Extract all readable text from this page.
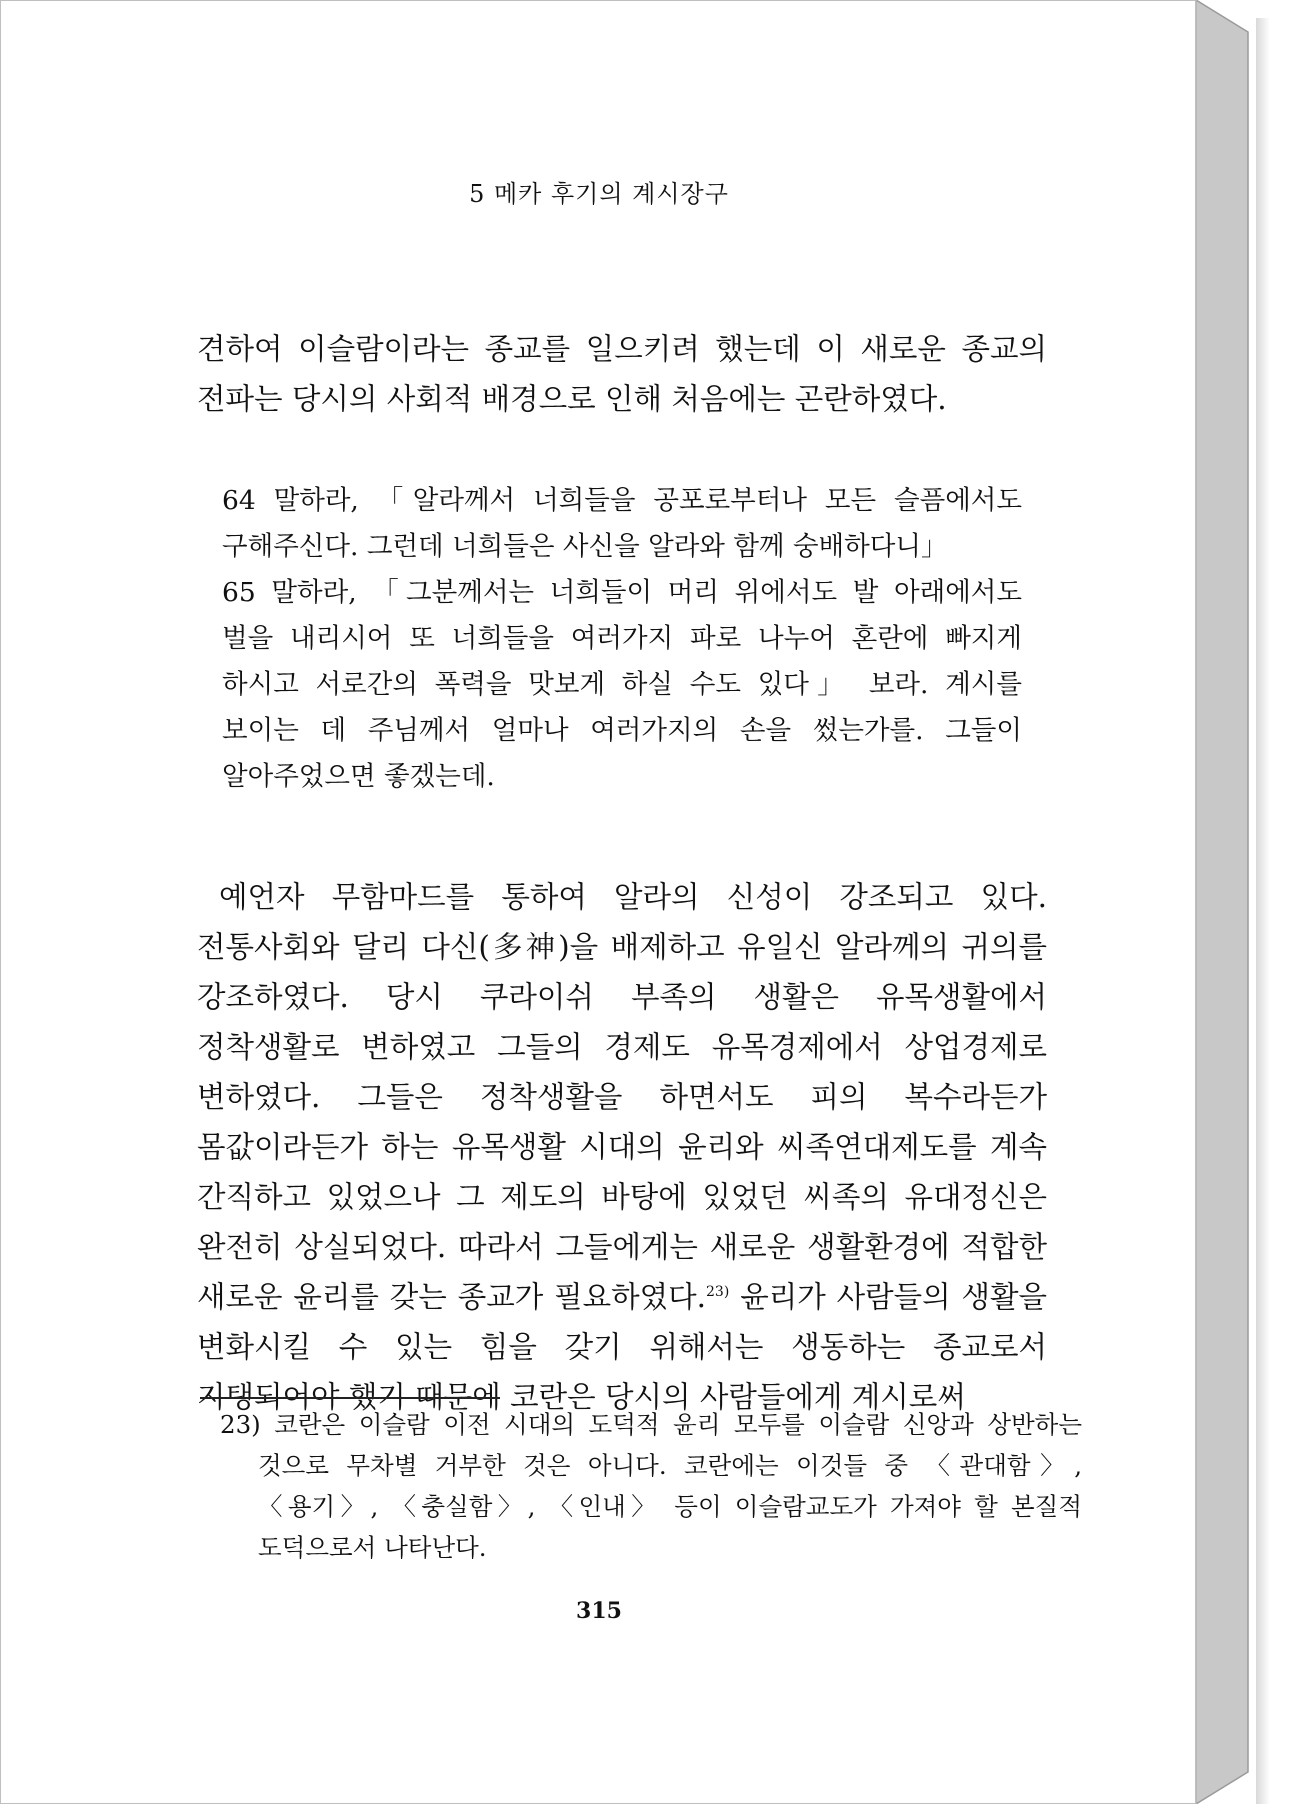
5 메카 후기의 계시장구

견하여 이슬람이라는 종교를 일으키려 했는데 이 새로운 종교의 전파는 당시의 사회적 배경으로 인해 처음에는 곤란하였다.

64 말하라, 「알라께서 너희들을 공포로부터나 모든 슬픔에서도 구해주신다. 그런데 너희들은 사신을 알라와 함께 숭배하다니」

65 말하라, 「그분께서는 너희들이 머리 위에서도 발 아래에서도 벌을 내리시어 또 너희들을 여러가지 파로 나누어 혼란에 빠지게 하시고 서로간의 폭력을 맛보게 하실 수도 있다」 보라. 계시를 보이는 데 주님께서 얼마나 여러가지의 손을 썼는가를. 그들이 알아주었으면 좋겠는데.

예언자 무함마드를 통하여 알라의 신성이 강조되고 있다. 전통사회와 달리 다신(多神)을 배제하고 유일신 알라께의 귀의를 강조하였다. 당시 쿠라이쉬 부족의 생활은 유목생활에서 정착생활로 변하였고 그들의 경제도 유목경제에서 상업경제로 변하였다. 그들은 정착생활을 하면서도 피의 복수라든가 몸값이라든가 하는 유목생활 시대의 윤리와 씨족연대제도를 계속 간직하고 있었으나 그 제도의 바탕에 있었던 씨족의 유대정신은 완전히 상실되었다. 따라서 그들에게는 새로운 생활환경에 적합한 새로운 윤리를 갖는 종교가 필요하였다.$^{23)}$ 윤리가 사람들의 생활을 변화시킬 수 있는 힘을 갖기 위해서는 생동하는 종교로서 지탱되어야 했기 때문에 코란은 당시의 사람들에게 계시로써

23) 코란은 이슬람 이전 시대의 도덕적 윤리 모두를 이슬람 신앙과 상반하는 것으로 무차별 거부한 것은 아니다. 코란에는 이것들 중 〈관대함〉, 〈용기〉, 〈충실함〉, 〈인내〉 등이 이슬람교도가 가져야 할 본질적 도덕으로서 나타난다.

315
